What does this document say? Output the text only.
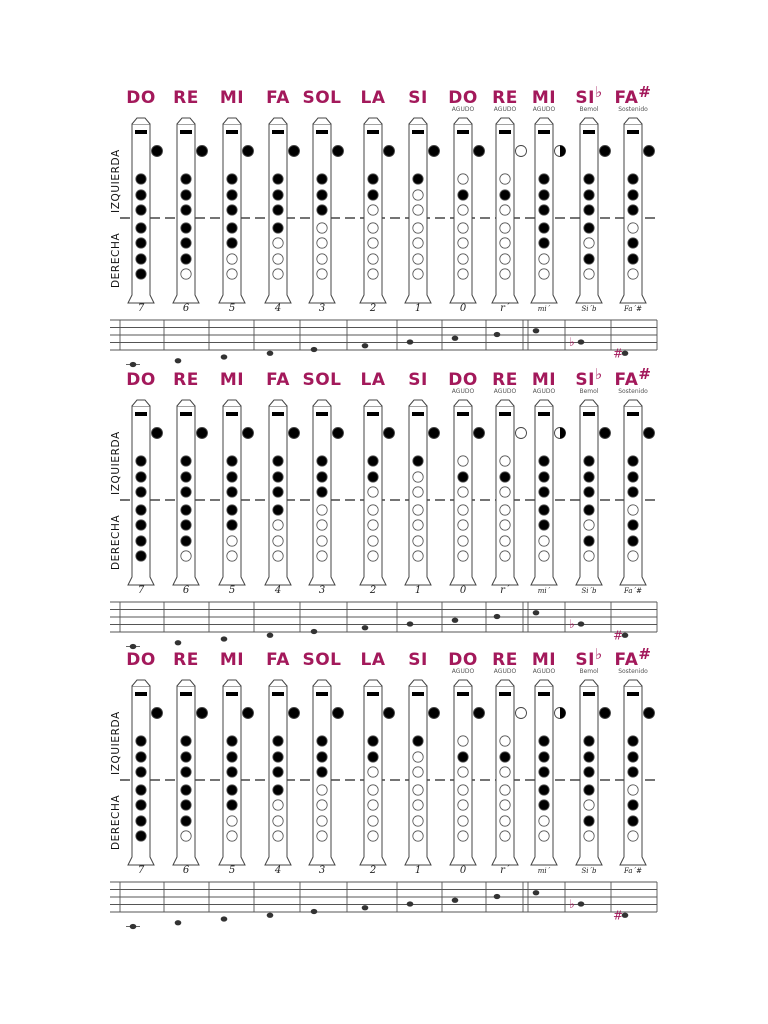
DO RE MI FA SOL LA SI DO
AGUDO
RE
AGUDO
MI
AGUDO
SI♭
Bemol
FA#
Sostenido
IZQUIERDA
DERECHA
7	6	5	4	3	2	1	0	r´	mi´	Si´b	Fa´#
♭
#
DO RE MI FA SOL LA SI DO
AGUDO
RE
AGUDO
MI
AGUDO
SI♭
Bemol
FA#
Sostenido
IZQUIERDA
DERECHA
7	6	5	4	3	2	1	0	r´	mi´	Si´b	Fa´#
♭
#
DO RE MI FA SOL LA SI DO
AGUDO
RE
AGUDO
MI
AGUDO
SI♭
Bemol
FA#
Sostenido
IZQUIERDA
DERECHA
7	6	5	4	3	2	1	0	r´	mi´	Si´b	Fa´#
♭
#
